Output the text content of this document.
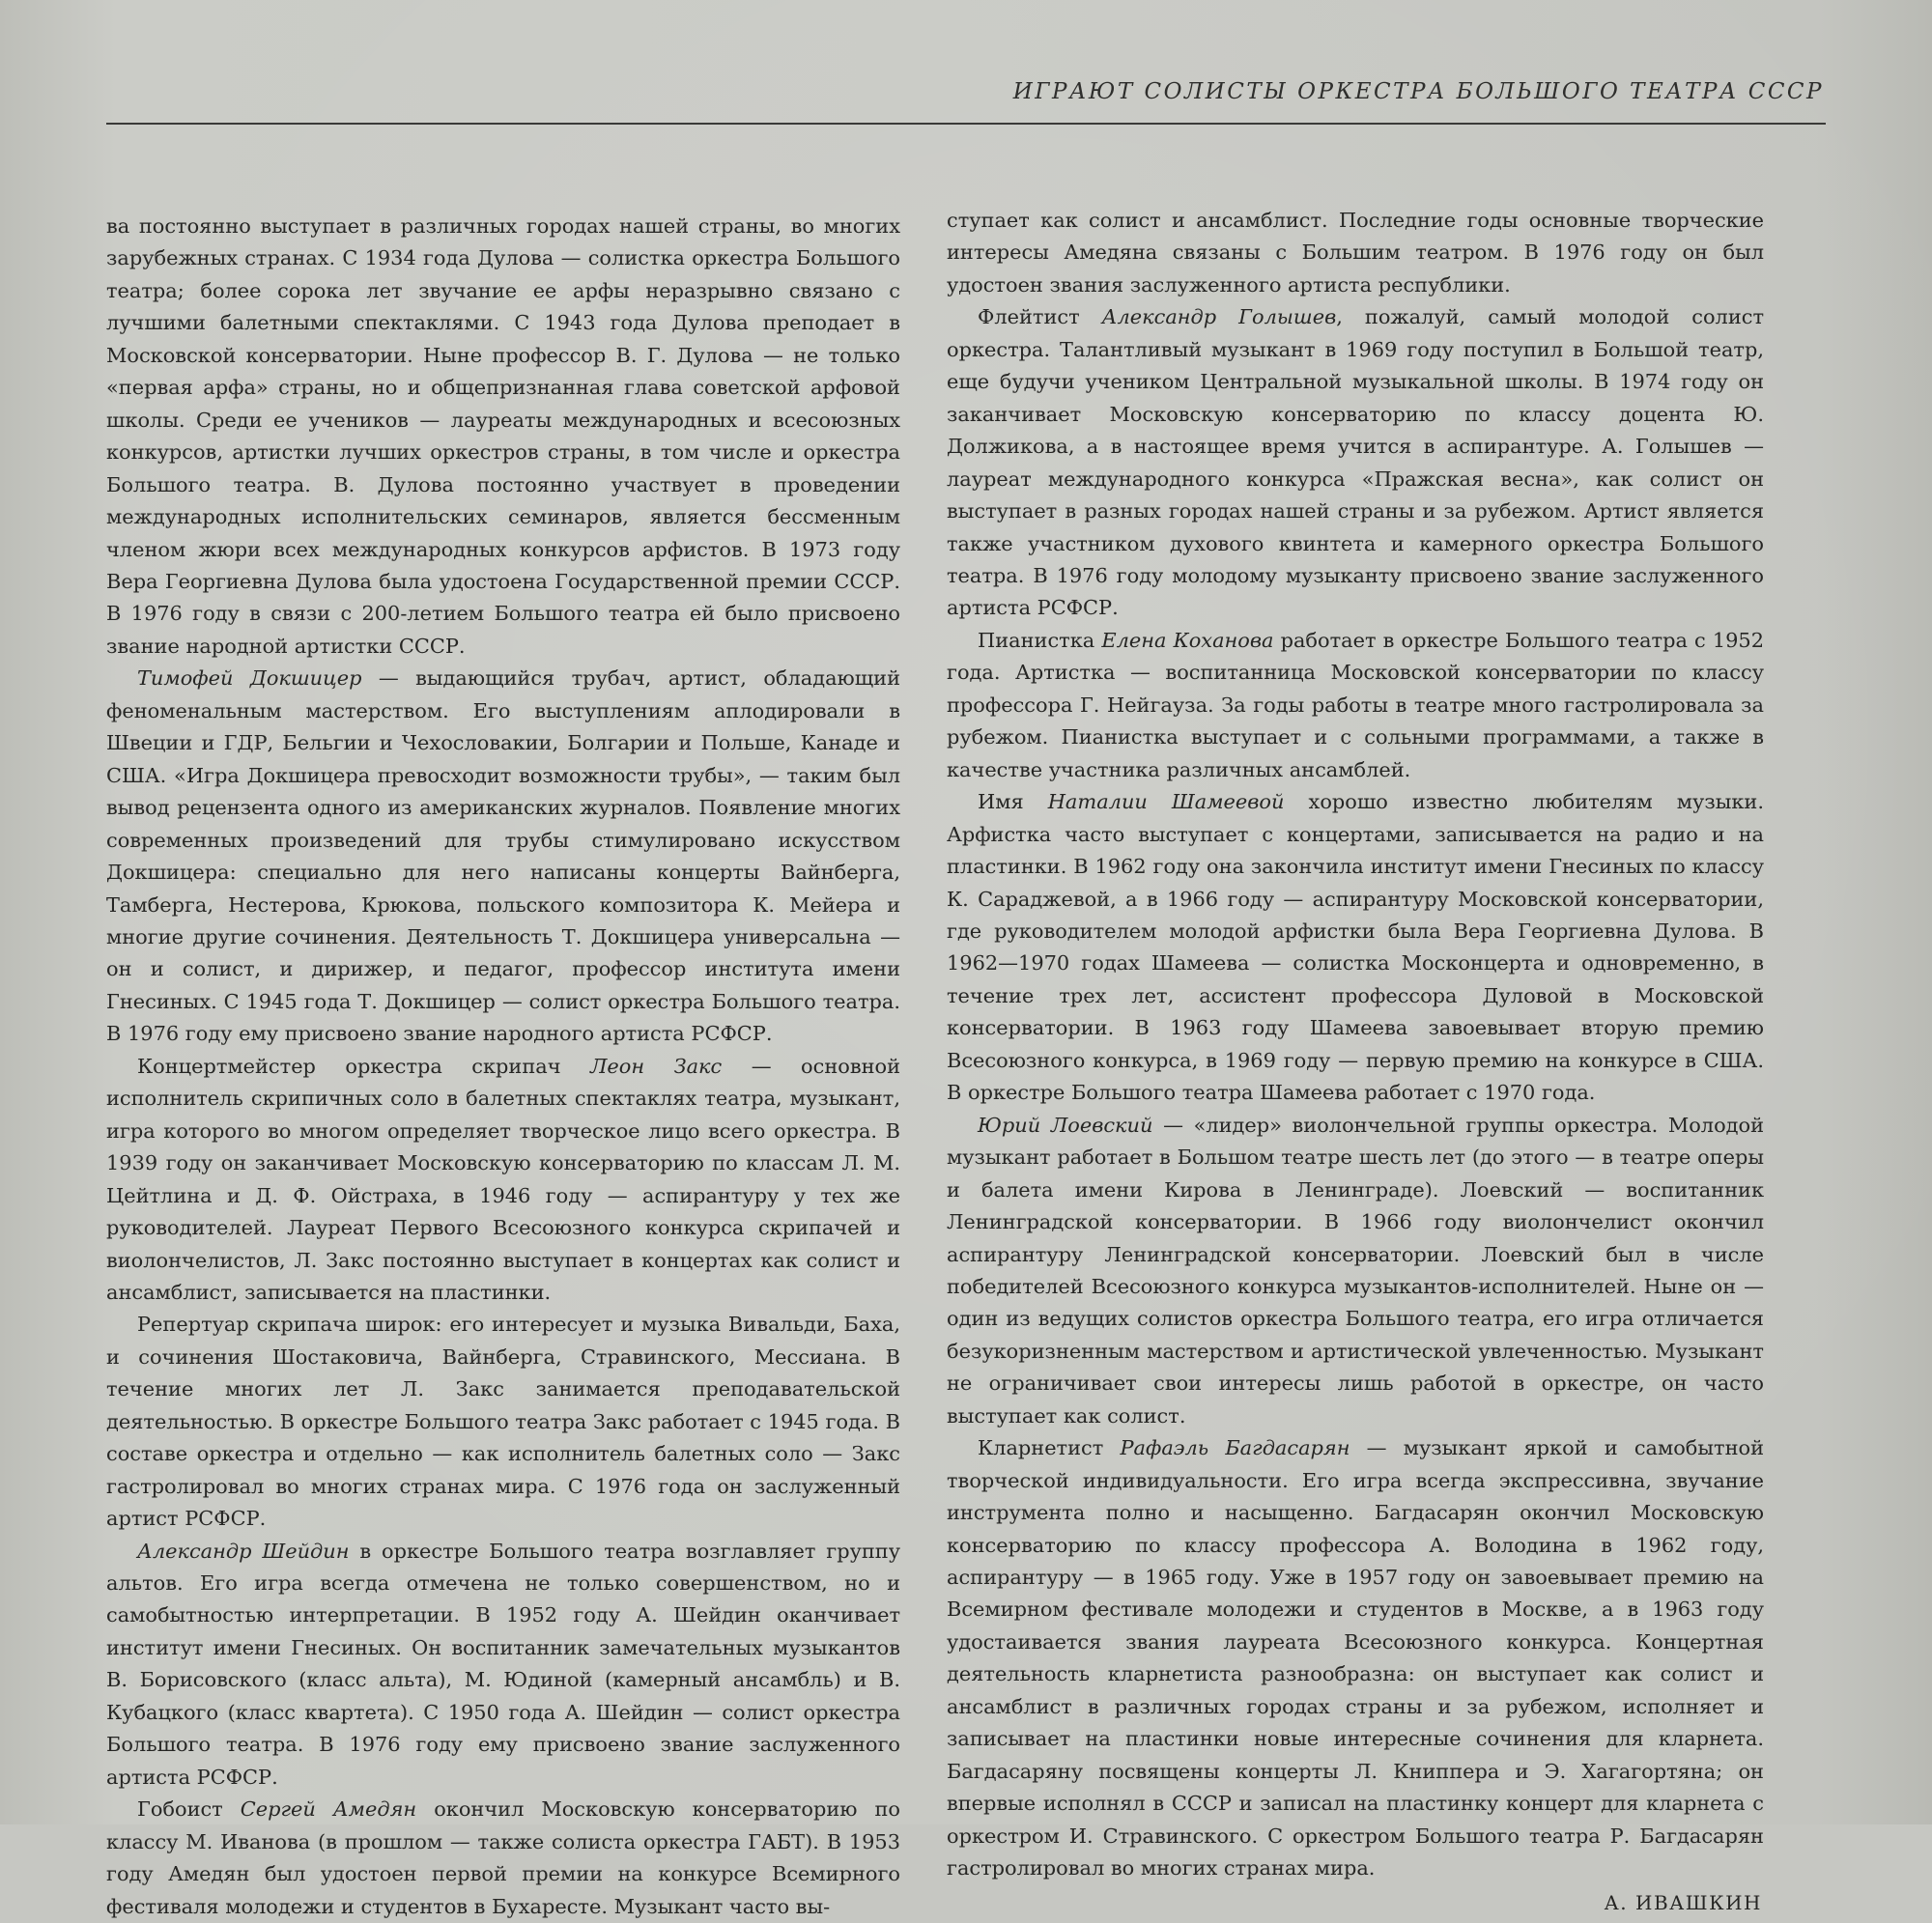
ИГРАЮТ СОЛИСТЫ ОРКЕСТРА БОЛЬШОГО ТЕАТРА СССР

ва постоянно выступает в различных городах нашей страны, во многих зарубежных странах. С 1934 года Дулова — солистка оркестра Большого театра; более сорока лет звучание ее арфы неразрывно связано с лучшими балетными спектаклями. С 1943 года Дулова преподает в Московской консерватории. Ныне профессор В. Г. Дулова — не только «первая арфа» страны, но и общепризнанная глава советской арфовой школы. Среди ее учеников — лауреаты международных и всесоюзных конкурсов, артистки лучших оркестров страны, в том числе и оркестра Большого театра. В. Дулова постоянно участвует в проведении международных исполнительских семинаров, является бессменным членом жюри всех международных конкурсов арфистов. В 1973 году Вера Георгиевна Дулова была удостоена Государственной премии СССР. В 1976 году в связи с 200-летием Большого театра ей было присвоено звание народной артистки СССР.

Тимофей Докшицер — выдающийся трубач, артист, обладающий феноменальным мастерством. Его выступлениям аплодировали в Швеции и ГДР, Бельгии и Чехословакии, Болгарии и Польше, Канаде и США. «Игра Докшицера превосходит возможности трубы», — таким был вывод рецензента одного из американских журналов. Появление многих современных произведений для трубы стимулировано искусством Докшицера: специально для него написаны концерты Вайнберга, Тамберга, Нестерова, Крюкова, польского композитора К. Мейера и многие другие сочинения. Деятельность Т. Докшицера универсальна — он и солист, и дирижер, и педагог, профессор института имени Гнесиных. С 1945 года Т. Докшицер — солист оркестра Большого театра. В 1976 году ему присвоено звание народного артиста РСФСР.

Концертмейстер оркестра скрипач Леон Закс — основной исполнитель скрипичных соло в балетных спектаклях театра, музыкант, игра которого во многом определяет творческое лицо всего оркестра. В 1939 году он заканчивает Московскую консерваторию по классам Л. М. Цейтлина и Д. Ф. Ойстраха, в 1946 году — аспирантуру у тех же руководителей. Лауреат Первого Всесоюзного конкурса скрипачей и виолончелистов, Л. Закс постоянно выступает в концертах как солист и ансамблист, записывается на пластинки.

Репертуар скрипача широк: его интересует и музыка Вивальди, Баха, и сочинения Шостаковича, Вайнберга, Стравинского, Мессиана. В течение многих лет Л. Закс занимается преподавательской деятельностью. В оркестре Большого театра Закс работает с 1945 года. В составе оркестра и отдельно — как исполнитель балетных соло — Закс гастролировал во многих странах мира. С 1976 года он заслуженный артист РСФСР.

Александр Шейдин в оркестре Большого театра возглавляет группу альтов. Его игра всегда отмечена не только совершенством, но и самобытностью интерпретации. В 1952 году А. Шейдин оканчивает институт имени Гнесиных. Он воспитанник замечательных музыкантов В. Борисовского (класс альта), М. Юдиной (камерный ансамбль) и В. Кубацкого (класс квартета). С 1950 года А. Шейдин — солист оркестра Большого театра. В 1976 году ему присвоено звание заслуженного артиста РСФСР.

Гобоист Сергей Амедян окончил Московскую консерваторию по классу М. Иванова (в прошлом — также солиста оркестра ГАБТ). В 1953 году Амедян был удостоен первой премии на конкурсе Всемирного фестиваля молодежи и студентов в Бухаресте. Музыкант часто вы-

ступает как солист и ансамблист. Последние годы основные творческие интересы Амедяна связаны с Большим театром. В 1976 году он был удостоен звания заслуженного артиста республики.

Флейтист Александр Голышев, пожалуй, самый молодой солист оркестра. Талантливый музыкант в 1969 году поступил в Большой театр, еще будучи учеником Центральной музыкальной школы. В 1974 году он заканчивает Московскую консерваторию по классу доцента Ю. Должикова, а в настоящее время учится в аспирантуре. А. Голышев — лауреат международного конкурса «Пражская весна», как солист он выступает в разных городах нашей страны и за рубежом. Артист является также участником духового квинтета и камерного оркестра Большого театра. В 1976 году молодому музыканту присвоено звание заслуженного артиста РСФСР.

Пианистка Елена Коханова работает в оркестре Большого театра с 1952 года. Артистка — воспитанница Московской консерватории по классу профессора Г. Нейгауза. За годы работы в театре много гастролировала за рубежом. Пианистка выступает и с сольными программами, а также в качестве участника различных ансамблей.

Имя Наталии Шамеевой хорошо известно любителям музыки. Арфистка часто выступает с концертами, записывается на радио и на пластинки. В 1962 году она закончила институт имени Гнесиных по классу К. Сараджевой, а в 1966 году — аспирантуру Московской консерватории, где руководителем молодой арфистки была Вера Георгиевна Дулова. В 1962—1970 годах Шамеева — солистка Москонцерта и одновременно, в течение трех лет, ассистент профессора Дуловой в Московской консерватории. В 1963 году Шамеева завоевывает вторую премию Всесоюзного конкурса, в 1969 году — первую премию на конкурсе в США. В оркестре Большого театра Шамеева работает с 1970 года.

Юрий Лоевский — «лидер» виолончельной группы оркестра. Молодой музыкант работает в Большом театре шесть лет (до этого — в театре оперы и балета имени Кирова в Ленинграде). Лоевский — воспитанник Ленинградской консерватории. В 1966 году виолончелист окончил аспирантуру Ленинградской консерватории. Лоевский был в числе победителей Всесоюзного конкурса музыкантов-исполнителей. Ныне он — один из ведущих солистов оркестра Большого театра, его игра отличается безукоризненным мастерством и артистической увлеченностью. Музыкант не ограничивает свои интересы лишь работой в оркестре, он часто выступает как солист.

Кларнетист Рафаэль Багдасарян — музыкант яркой и самобытной творческой индивидуальности. Его игра всегда экспрессивна, звучание инструмента полно и насыщенно. Багдасарян окончил Московскую консерваторию по классу профессора А. Володина в 1962 году, аспирантуру — в 1965 году. Уже в 1957 году он завоевывает премию на Всемирном фестивале молодежи и студентов в Москве, а в 1963 году удостаивается звания лауреата Всесоюзного конкурса. Концертная деятельность кларнетиста разнообразна: он выступает как солист и ансамблист в различных городах страны и за рубежом, исполняет и записывает на пластинки новые интересные сочинения для кларнета. Багдасаряну посвящены концерты Л. Книппера и Э. Хагагортяна; он впервые исполнял в СССР и записал на пластинку концерт для кларнета с оркестром И. Стравинского. С оркестром Большого театра Р. Багдасарян гастролировал во многих странах мира.

А. ИВАШКИН
